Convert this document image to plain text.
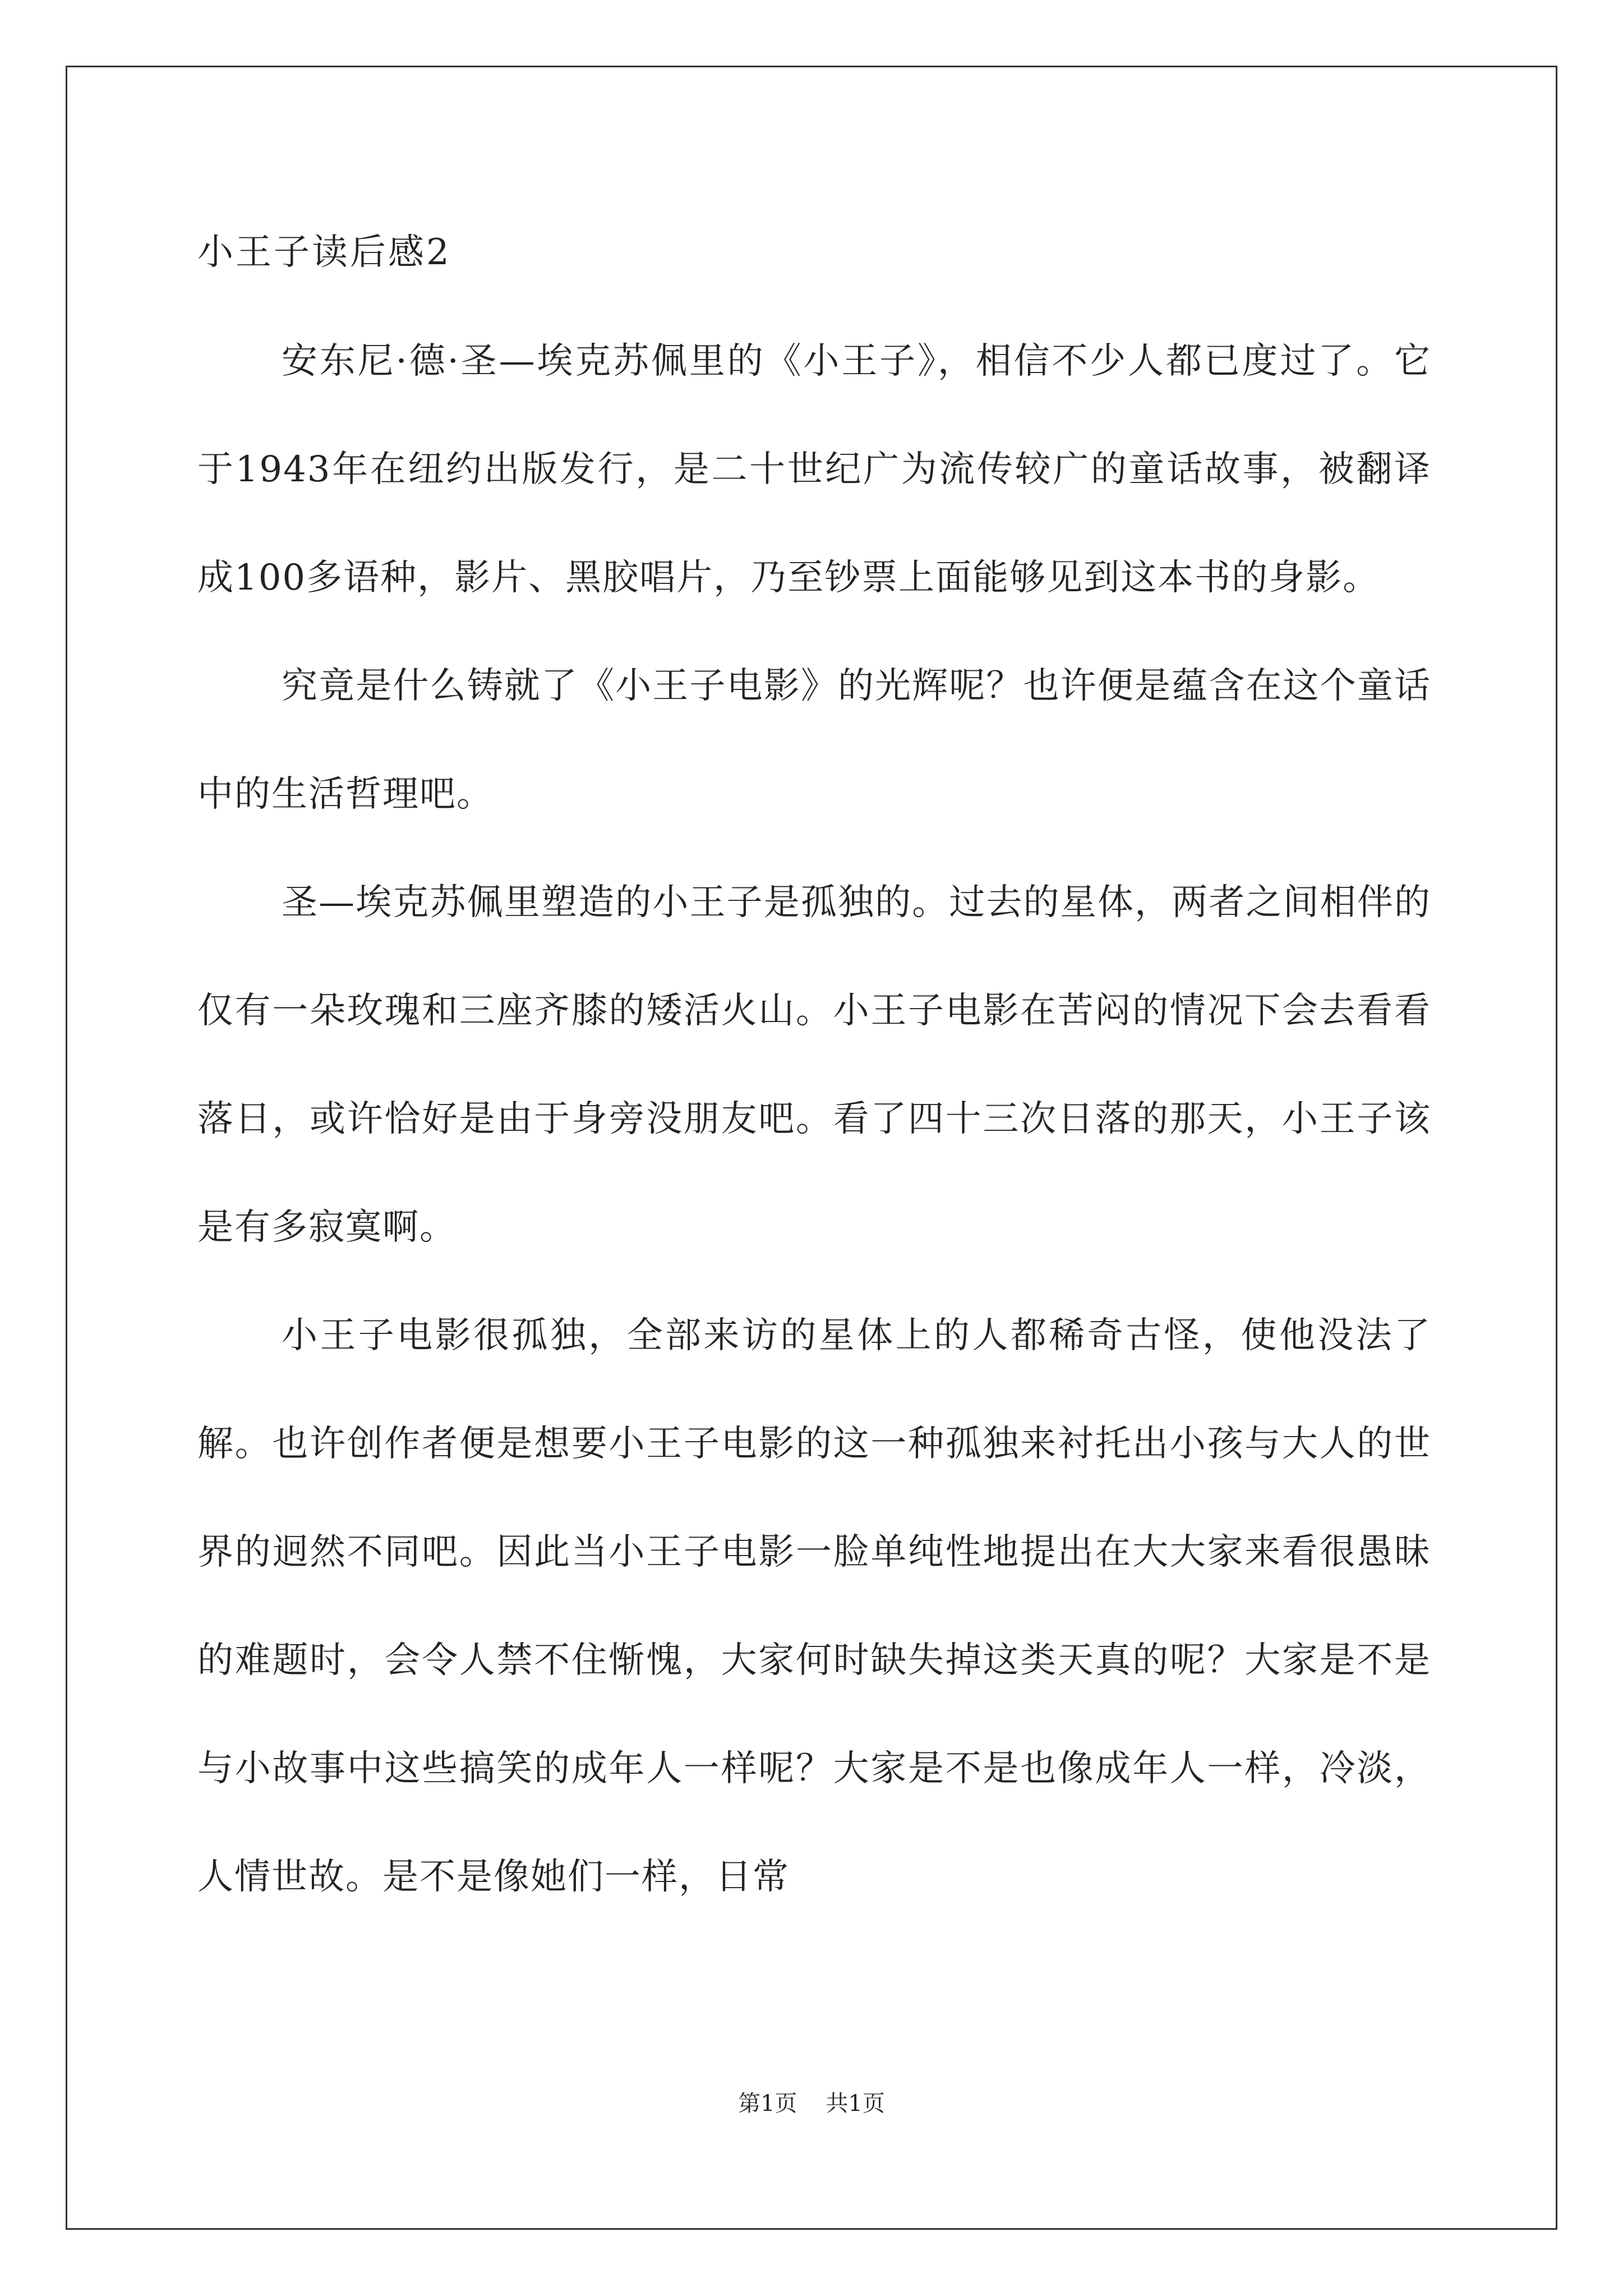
小王子读后感2

安东尼·德·圣—埃克苏佩里的《小王子》，相信不少人都已度过了。它于1943年在纽约出版发行，是二十世纪广为流传较广的童话故事，被翻译成100多语种，影片、黑胶唱片，乃至钞票上面能够见到这本书的身影。

究竟是什么铸就了《小王子电影》的光辉呢？也许便是蕴含在这个童话中的生活哲理吧。

圣—埃克苏佩里塑造的小王子是孤独的。过去的星体，两者之间相伴的仅有一朵玫瑰和三座齐膝的矮活火山。小王子电影在苦闷的情况下会去看看落日，或许恰好是由于身旁没朋友吧。看了四十三次日落的那天，小王子该是有多寂寞啊。

小王子电影很孤独，全部来访的星体上的人都稀奇古怪，使他没法了解。也许创作者便是想要小王子电影的这一种孤独来衬托出小孩与大人的世界的迥然不同吧。因此当小王子电影一脸单纯性地提出在大大家来看很愚昧的难题时，会令人禁不住惭愧，大家何时缺失掉这类天真的呢？大家是不是与小故事中这些搞笑的成年人一样呢？大家是不是也像成年人一样，冷淡，人情世故。是不是像她们一样，日常

第1页    共1页
